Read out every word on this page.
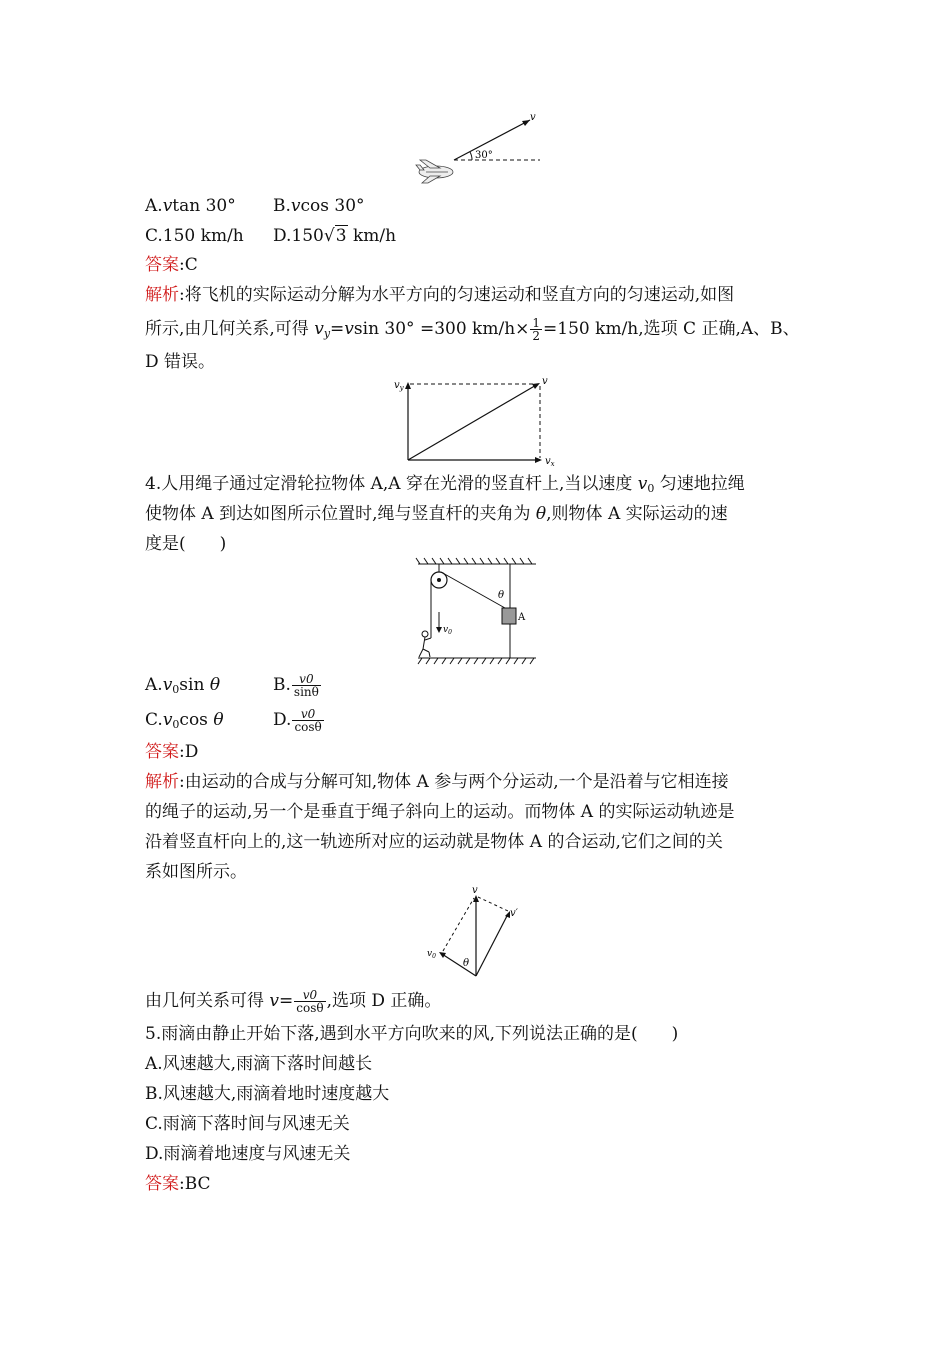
30°
v
A.vtan 30° B.vcos 30°
C.150 km/h D.150√3 km/h
答案:C
解析:将飞机的实际运动分解为水平方向的匀速运动和竖直方向的匀速运动,如图
所示,由几何关系,可得 $v_y=vsin$ 30° =300 $km/h\times \frac{1}{2} =150$ km/h,选项 C 正确,A、B、
D 错误。
$v_y$
v
$v_x$
4.人用绳子通过定滑轮拉物体 A,A 穿在光滑的竖直杆上,当以速度 $v_0$ 匀速地拉绳
使物体 A 到达如图所示位置时,绳与竖直杆的夹角为 θ,则物体 A 实际运动的速
度是(　　)
A
θ
$v_0$
$A.v_0\sin$ θ	B. $\frac{v0}{\sin\theta}$
$C.v_0\cos$ θ	D. $\frac{v0}{\cos\theta}$
答案:D
解析:由运动的合成与分解可知,物体 A 参与两个分运动,一个是沿着与它相连接
的绳子的运动,另一个是垂直于绳子斜向上的运动。而物体 A 的实际运动轨迹是
沿着竖直杆向上的,这一轨迹所对应的运动就是物体 A 的合运动,它们之间的关
系如图所示。
v
v′
$v_0$
θ
由几何关系可得 $v= \frac{v0}{\cos\theta}$ ,选项 D 正确。
5.雨滴由静止开始下落,遇到水平方向吹来的风,下列说法正确的是(　　)
A.风速越大,雨滴下落时间越长
B.风速越大,雨滴着地时速度越大
C.雨滴下落时间与风速无关
D.雨滴着地速度与风速无关
答案:BC
